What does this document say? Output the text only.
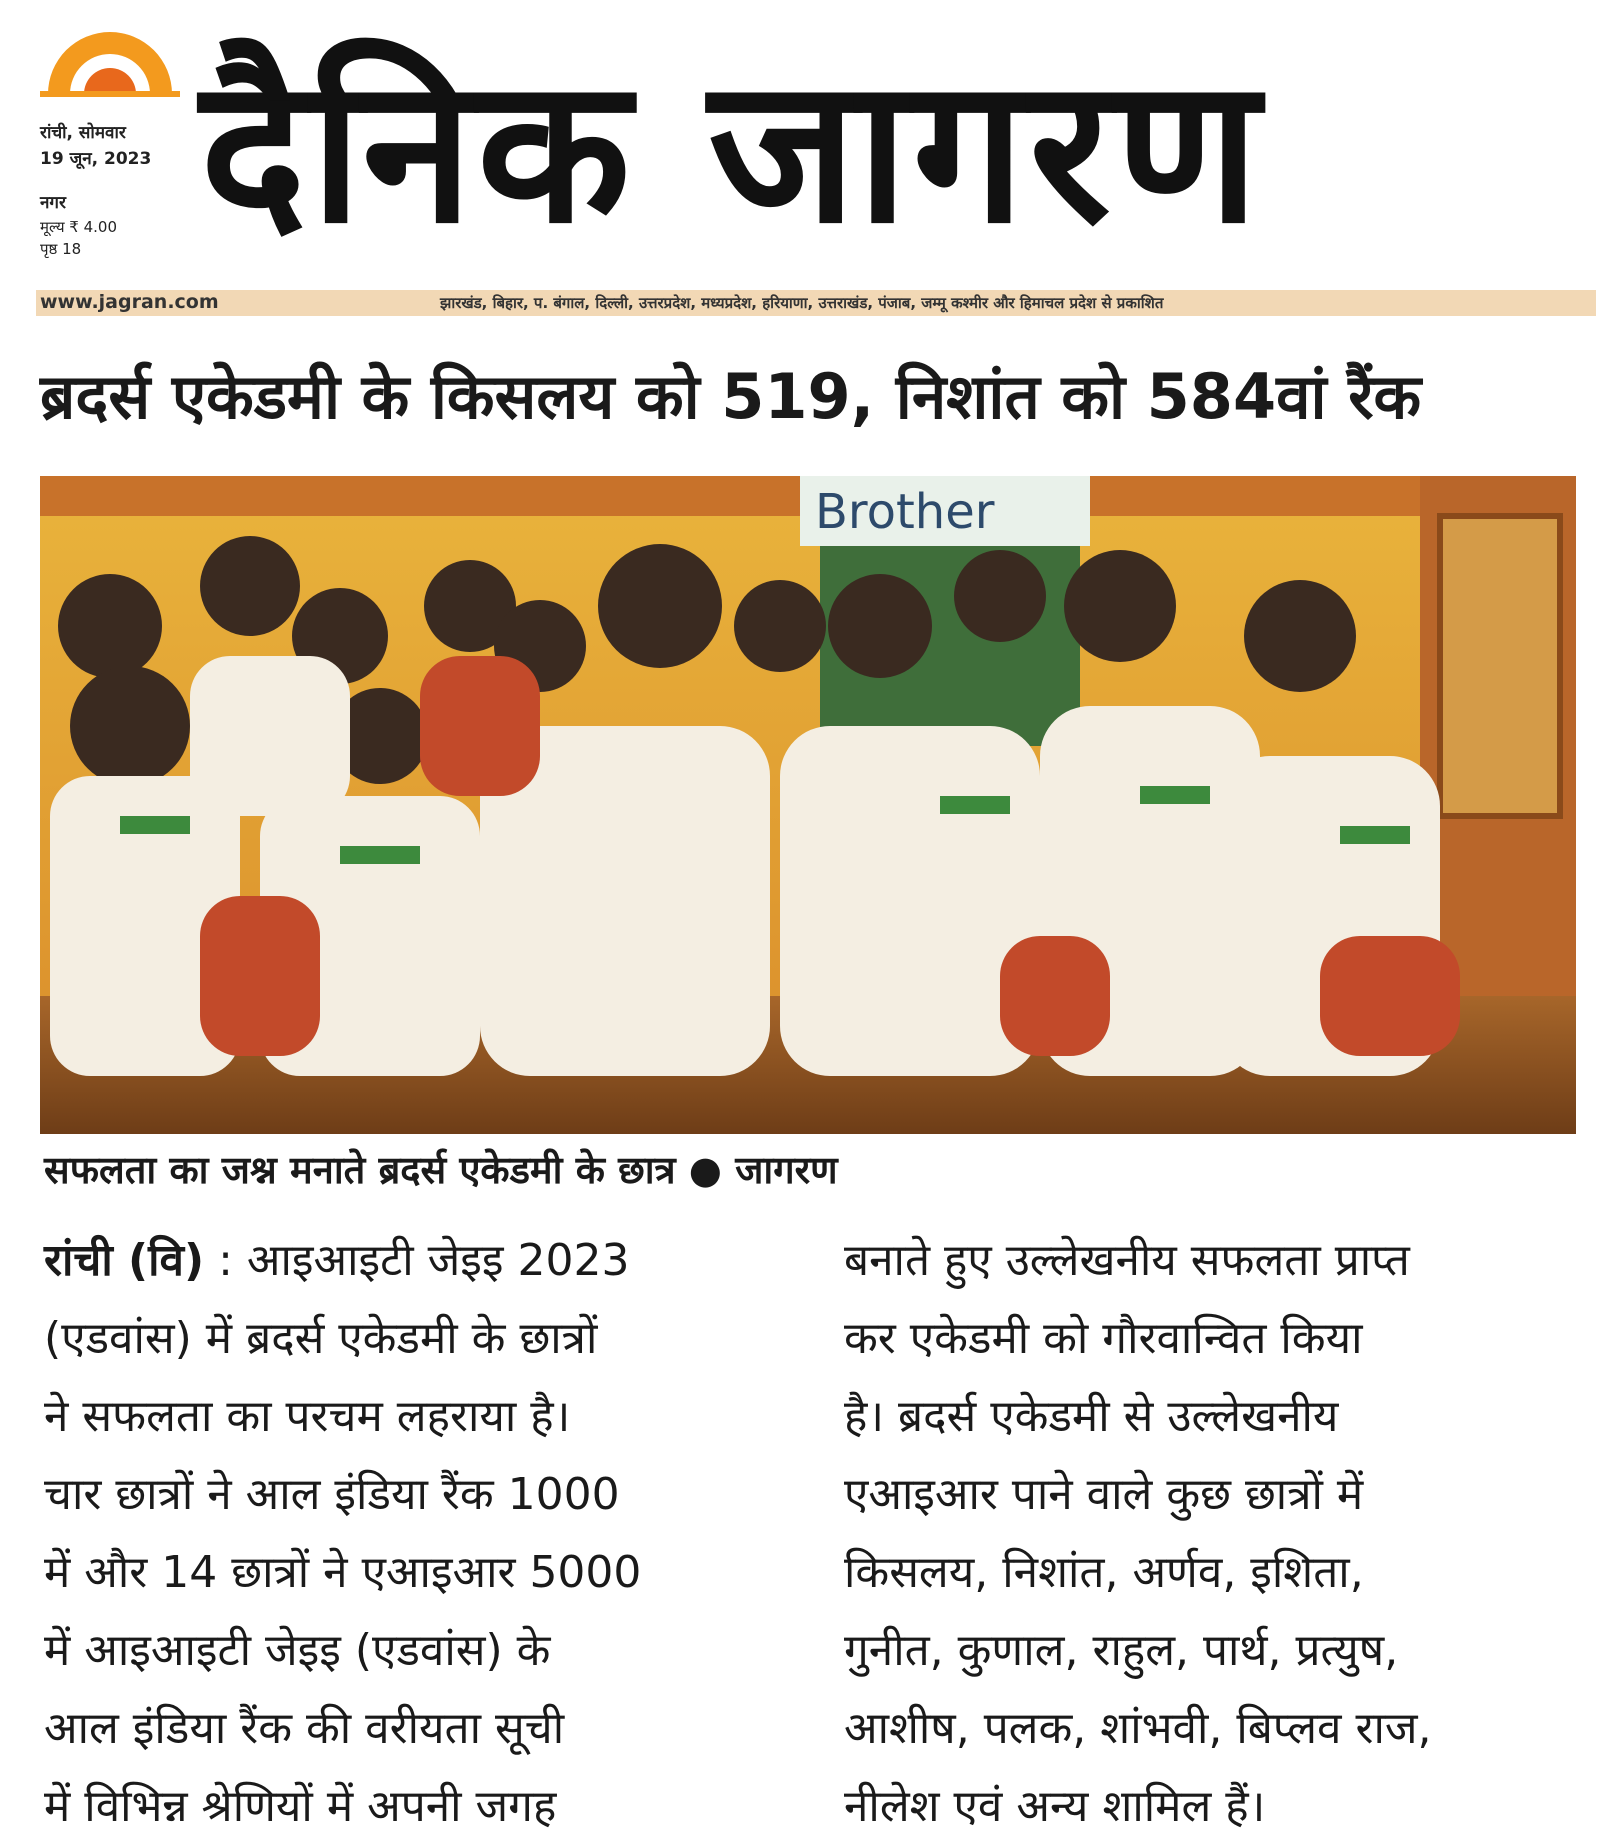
रांची, सोमवार
19 जून, 2023
नगर
मूल्य ₹ 4.00
पृष्ठ 18 दैनिक जागरण
www.jagran.com	झारखंड, बिहार, प. बंगाल, दिल्ली, उत्तरप्रदेश, मध्यप्रदेश, हरियाणा, उत्तराखंड, पंजाब, जम्मू कश्मीर और हिमाचल प्रदेश से प्रकाशित
ब्रदर्स एकेडमी के किसलय को 519, निशांत को 584वां रैंक
Brother
सफलता का जश्न मनाते ब्रदर्स एकेडमी के छात्र ● जागरण
रांची (वि) : आइआइटी जेइइ 2023
(एडवांस) में ब्रदर्स एकेडमी के छात्रों
ने सफलता का परचम लहराया है।
चार छात्रों ने आल इंडिया रैंक 1000
में और 14 छात्रों ने एआइआर 5000
में आइआइटी जेइइ (एडवांस) के
आल इंडिया रैंक की वरीयता सूची
में विभिन्न श्रेणियों में अपनी जगह
बनाते हुए उल्लेखनीय सफलता प्राप्त
कर एकेडमी को गौरवान्वित किया
है। ब्रदर्स एकेडमी से उल्लेखनीय
एआइआर पाने वाले कुछ छात्रों में
किसलय, निशांत, अर्णव, इशिता,
गुनीत, कुणाल, राहुल, पार्थ, प्रत्युष,
आशीष, पलक, शांभवी, बिप्लव राज,
नीलेश एवं अन्य शामिल हैं।
